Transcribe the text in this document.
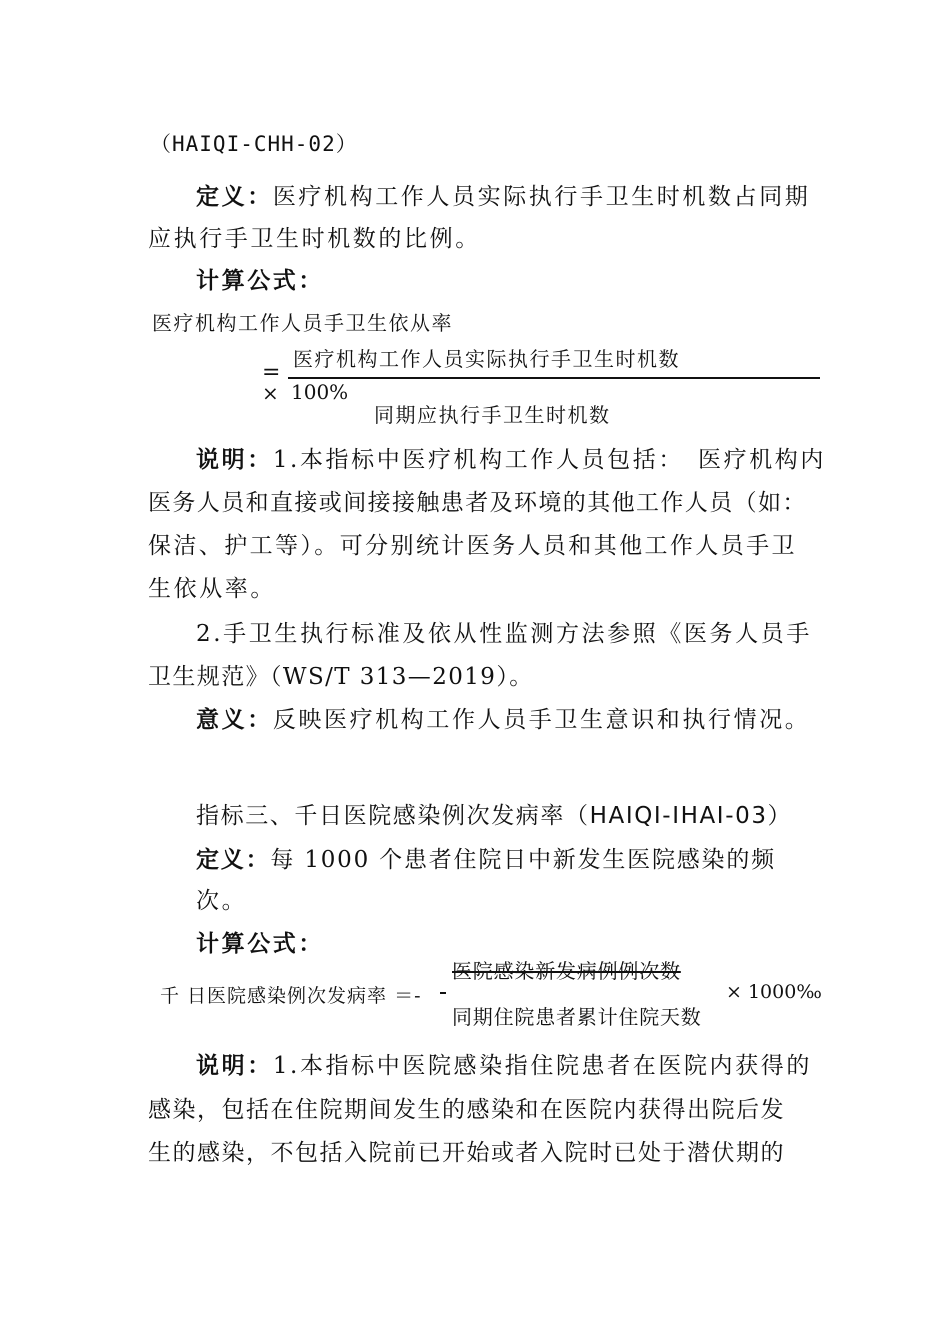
（HAIQI-CHH-02）
定义：医疗机构工作人员实际执行手卫生时机数占同期
应执行手卫生时机数的比例。
计算公式：
医疗机构工作人员手卫生依从率
医疗机构工作人员实际执行手卫生时机数
=
× 100%
同期应执行手卫生时机数
说明：1.本指标中医疗机构工作人员包括： 医疗机构内
医务人员和直接或间接接触患者及环境的其他工作人员（如：
保洁、护工等）。可分别统计医务人员和其他工作人员手卫
生依从率。
2.手卫生执行标准及依从性监测方法参照《医务人员手
卫生规范》（WS/T 313—2019）。
意义：反映医疗机构工作人员手卫生意识和执行情况。
指标三、千日医院感染例次发病率（HAIQI-IHAI-03）
定义：每 1000 个患者住院日中新发生医院感染的频
次。
计算公式：
医院感染新发病例例次数
千 日医院感染例次发病率 ＝-	× 1000‰
同期住院患者累计住院天数
说明：1.本指标中医院感染指住院患者在医院内获得的
感染，包括在住院期间发生的感染和在医院内获得出院后发
生的感染，不包括入院前已开始或者入院时已处于潜伏期的
